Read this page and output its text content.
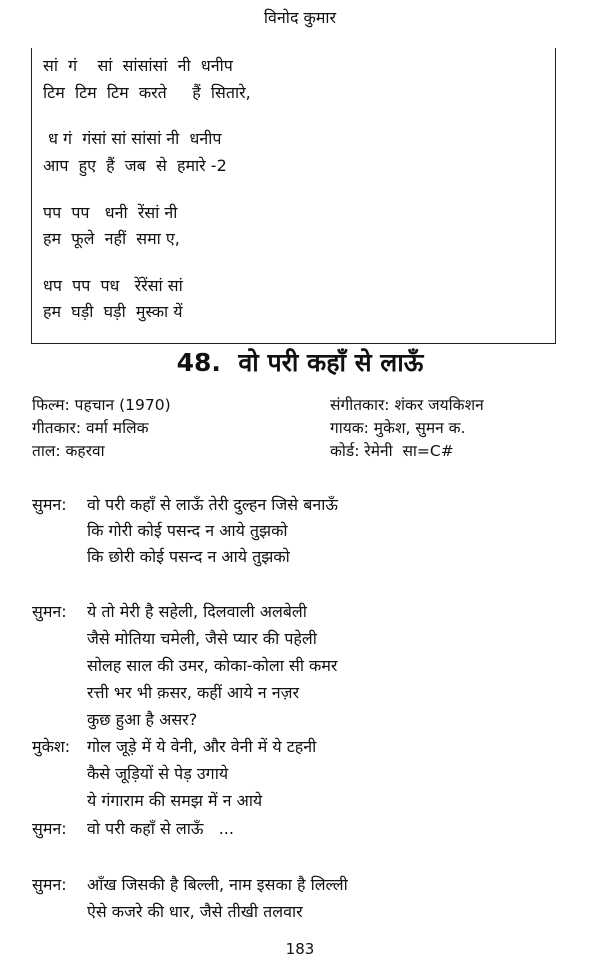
विनोद कुमार
सां  गं    सां  सांसांसां  नी  धनीप
टिम  टिम  टिम  करते     हैं  सितारे,
ध गं  गंसां सां सांसां नी  धनीप
आप  हुए  हैं  जब  से  हमारे -2
पप  पप   धनी  रेंसां नी
हम  फूले  नहीं  समा ए,
धप  पप  पध   रेंरेंसां सां
हम  घड़ी  घड़ी  मुस्का यें
48. वो परी कहाँ से लाऊँ
फिल्म: पहचान (1970)	संगीतकार: शंकर जयकिशन
गीतकार: वर्मा मलिक	गायक: मुकेश, सुमन क.
ताल: कहरवा	कोर्ड: रेमेनी  सा=C#
सुमन: वो परी कहाँ से लाऊँ तेरी दुल्हन जिसे बनाऊँ
कि गोरी कोई पसन्द न आये तुझको
कि छोरी कोई पसन्द न आये तुझको
सुमन: ये तो मेरी है सहेली, दिलवाली अलबेली
जैसे मोतिया चमेली, जैसे प्यार की पहेली
सोलह साल की उमर, कोका-कोला सी कमर
रत्ती भर भी क़सर, कहीं आये न नज़र
कुछ हुआ है असर?
मुकेश: गोल जूड़े में ये वेनी, और वेनी में ये टहनी
कैसे जूड़ियों से पेड़ उगाये
ये गंगाराम की समझ में न आये
सुमन: वो परी कहाँ से लाऊँ   ...
सुमन: आँख जिसकी है बिल्ली, नाम इसका है लिल्ली
ऐसे कजरे की धार, जैसे तीखी तलवार
183
